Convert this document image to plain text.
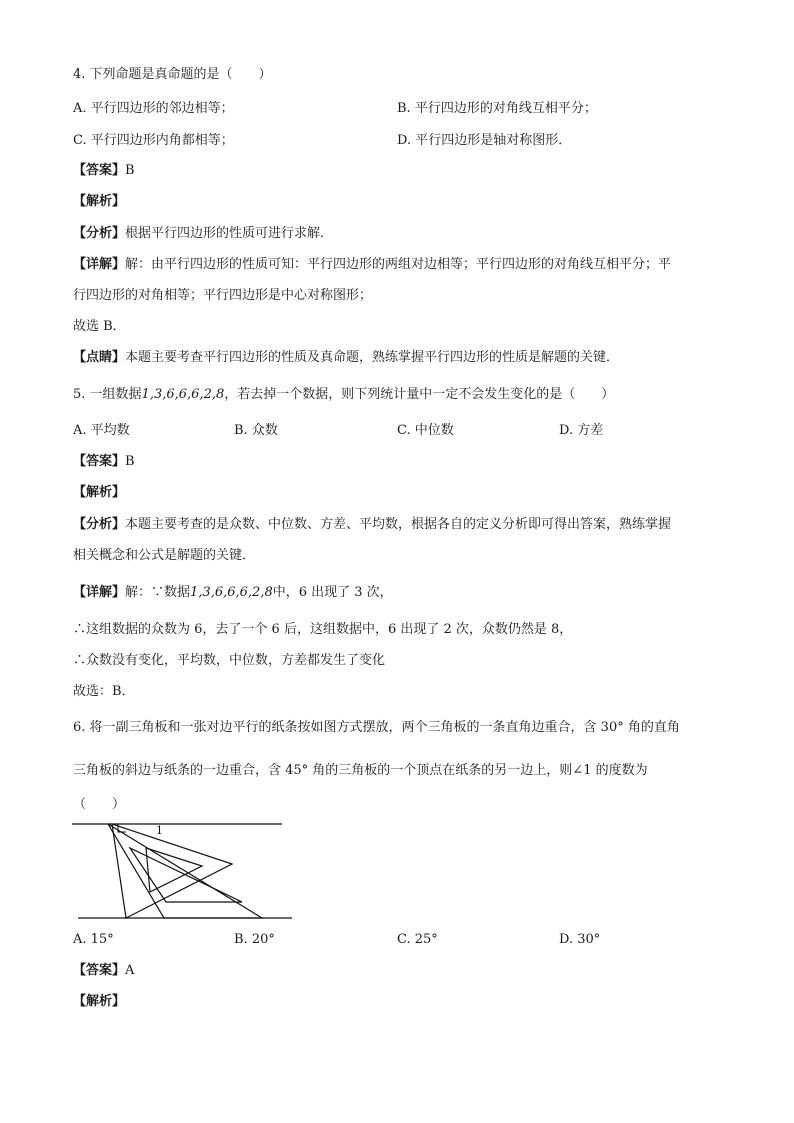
4. 下列命题是真命题的是（　　）
A. 平行四边形的邻边相等；	B. 平行四边形的对角线互相平分；
C. 平行四边形内角都相等；	D. 平行四边形是轴对称图形．
【答案】B
【解析】
【分析】根据平行四边形的性质可进行求解．
【详解】解：由平行四边形的性质可知：平行四边形的两组对边相等；平行四边形的对角线互相平分；平
行四边形的对角相等；平行四边形是中心对称图形；
故选 B．
【点睛】本题主要考查平行四边形的性质及真命题，熟练掌握平行四边形的性质是解题的关键．
5. 一组数据1,3,6,6,6,2,8，若去掉一个数据，则下列统计量中一定不会发生变化的是（　　）
A. 平均数	B. 众数	C. 中位数	D. 方差
【答案】B
【解析】
【分析】本题主要考查的是众数、中位数、方差、平均数，根据各自的定义分析即可得出答案，熟练掌握
相关概念和公式是解题的关键．
【详解】解：∵数据1,3,6,6,6,2,8中，6 出现了 3 次，
∴这组数据的众数为 6，去了一个 6 后，这组数据中，6 出现了 2 次，众数仍然是 8，
∴众数没有变化，平均数，中位数，方差都发生了变化
故选：B．
6. 将一副三角板和一张对边平行的纸条按如图方式摆放，两个三角板的一条直角边重合，含 30° 角的直角
三角板的斜边与纸条的一边重合，含 45° 角的三角板的一个顶点在纸条的另一边上，则∠1 的度数为
（　　）
1
A. 15°	B. 20°	C. 25°	D. 30°
【答案】A
【解析】
